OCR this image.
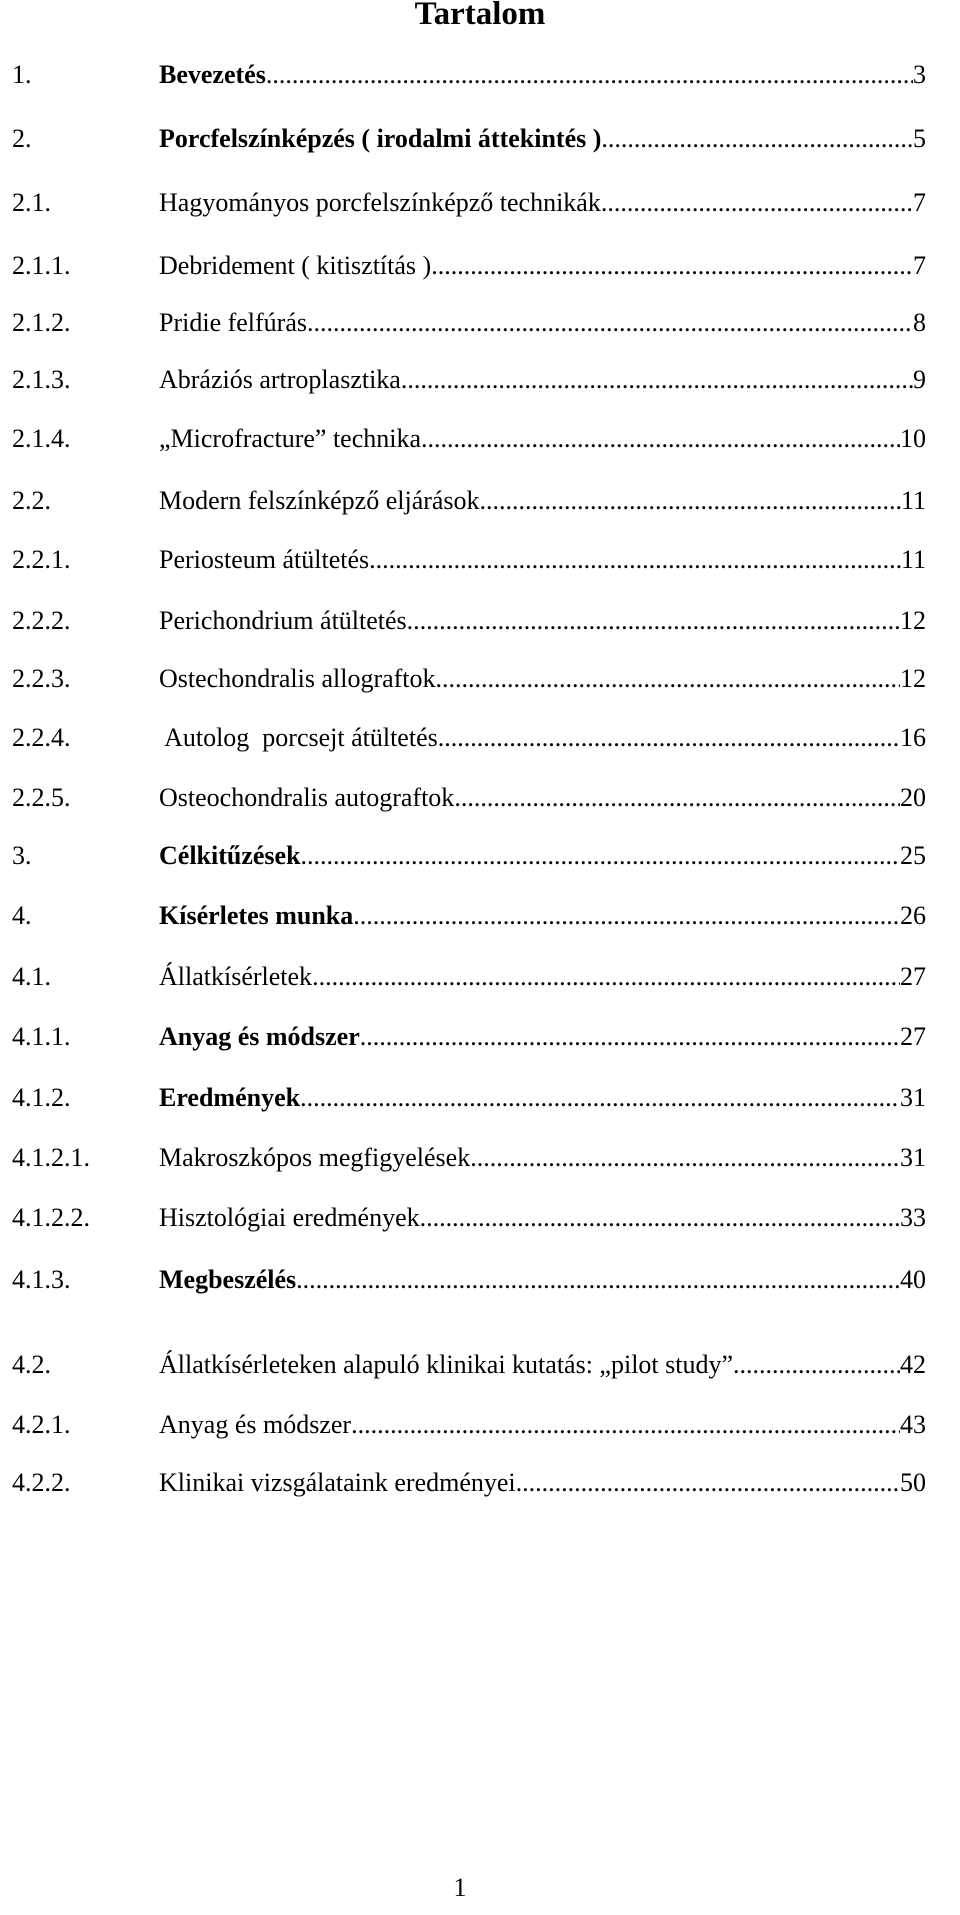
Tartalom
1.	Bevezetés .....	3
2.	Porcfelszínképzés ( irodalmi áttekintés ) .....	5
2.1.	Hagyományos porcfelszínképző technikák .....	7
2.1.1.	Debridement ( kitisztítás ) .....	7
2.1.2.	Pridie felfúrás .....	8
2.1.3.	Abráziós artroplasztika .....	9
2.1.4.	„Microfracture” technika .....	10
2.2.	Modern felszínképző eljárások .....	11
2.2.1.	Periosteum átültetés .....	11
2.2.2.	Perichondrium átültetés .....	12
2.2.3.	Ostechondralis allograftok .....	12
2.2.4.	Autolog  porcsejt átültetés .....	16
2.2.5.	Osteochondralis autograftok .....	20
3.	Célkitűzések .....	25
4.	Kísérletes munka .....	26
4.1.	Állatkísérletek .....	27
4.1.1.	Anyag és módszer .....	27
4.1.2.	Eredmények .....	31
4.1.2.1.	Makroszkópos megfigyelések .....	31
4.1.2.2.	Hisztológiai eredmények .....	33
4.1.3.	Megbeszélés .....	40
4.2.	Állatkísérleteken alapuló klinikai kutatás: „pilot study”. .....	42
4.2.1.	Anyag és módszer .....	43
4.2.2.	Klinikai vizsgálataink eredményei .....	50
1
